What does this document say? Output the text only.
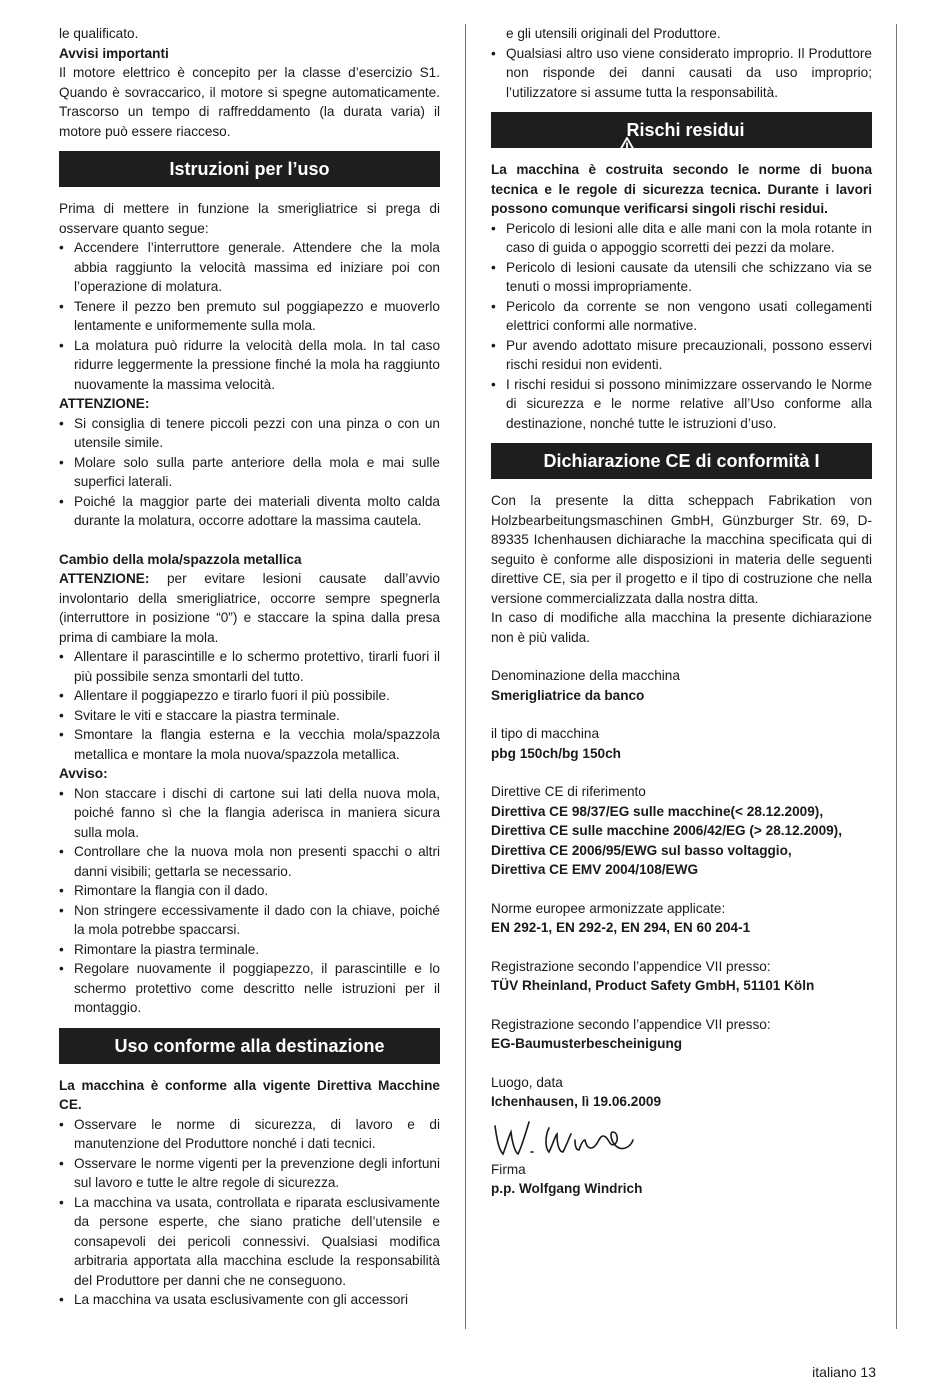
le qualificato.

Avvisi importanti

Il motore elettrico è concepito per la classe d’esercizio S1. Quando è sovraccarico, il motore si spegne automaticamente. Trascorso un tempo di raffreddamento (la durata varia) il motore può essere riacceso.

Istruzioni per l’uso

Prima di mettere in funzione la smerigliatrice si prega di osservare quanto segue:

• Accendere l’interruttore generale. Attendere che la mola abbia raggiunto la velocità massima ed iniziare poi con l’operazione di molatura.
• Tenere il pezzo ben premuto sul poggiapezzo e muoverlo lentamente e uniformemente sulla mola.
• La molatura può ridurre la velocità della mola. In tal caso ridurre leggermente la pressione finché la mola ha raggiunto nuovamente la massima velocità.

ATTENZIONE:

• Si consiglia di tenere piccoli pezzi con una pinza o con un utensile simile.
• Molare solo sulla parte anteriore della mola e mai sulle superfici laterali.
• Poiché la maggior parte dei materiali diventa molto calda durante la molatura, occorre adottare la massima cautela.

Cambio della mola/spazzola metallica

ATTENZIONE: per evitare lesioni causate dall’avvio involontario della smerigliatrice, occorre sempre spegnerla (interruttore in posizione “0”) e staccare la spina dalla presa prima di cambiare la mola.

• Allentare il parascintille e lo schermo protettivo, tirarli fuori il più possibile senza smontarli del tutto.
• Allentare il poggiapezzo e tirarlo fuori il più possibile.
• Svitare le viti e staccare la piastra terminale.
• Smontare la flangia esterna e la vecchia mola/spazzola metallica e montare la mola nuova/spazzola metallica.

Avviso:

• Non staccare i dischi di cartone sui lati della nuova mola, poiché fanno sì che la flangia aderisca in maniera sicura sulla mola.
• Controllare che la nuova mola non presenti spacchi o altri danni visibili; gettarla se necessario.
• Rimontare la flangia con il dado.
• Non stringere eccessivamente il dado con la chiave, poiché la mola potrebbe spaccarsi.
• Rimontare la piastra terminale.
• Regolare nuovamente il poggiapezzo, il parascintille e lo schermo protettivo come descritto nelle istruzioni per il montaggio.
Uso conforme alla destinazione

La macchina è conforme alla vigente Direttiva Macchine CE.

• Osservare le norme di sicurezza, di lavoro e di manutenzione del Produttore nonché i dati tecnici.
• Osservare le norme vigenti per la prevenzione degli infortuni sul lavoro e tutte le altre regole di sicurezza.
• La macchina va usata, controllata e riparata esclusivamente da persone esperte, che siano pratiche dell’utensile e consapevoli dei pericoli connessivi. Qualsiasi modifica arbitraria apportata alla macchina esclude la responsabilità del Produttore per danni che ne conseguono.
• La macchina va usata esclusivamente con gli accessori

e gli utensili originali del Produttore.

• Qualsiasi altro uso viene considerato improprio. Il Produttore non risponde dei danni causati da uso improprio; l’utilizzatore si assume tutta la responsabilità.
Rischi residui

La macchina è costruita secondo le norme di buona tecnica e le regole di sicurezza tecnica. Durante i lavori possono comunque verificarsi singoli rischi residui.

• Pericolo di lesioni alle dita e alle mani con la mola rotante in caso di guida o appoggio scorretti dei pezzi da molare.
• Pericolo di lesioni causate da utensili che schizzano via se tenuti o mossi impropriamente.
• Pericolo da corrente se non vengono usati collegamenti elettrici conformi alle normative.
• Pur avendo adottato misure precauzionali, possono esservi rischi residui non evidenti.
• I rischi residui si possono minimizzare osservando le Norme di sicurezza e le norme relative all’Uso conforme alla destinazione, nonché tutte le istruzioni d’uso.
Dichiarazione CE di conformità I

Con la presente la ditta scheppach Fabrikation von Holzbearbeitungsmaschinen GmbH, Günzburger Str. 69, D-89335 Ichenhausen dichiarache la macchina specificata qui di seguito è conforme alle disposizioni in materia delle seguenti direttive CE, sia per il progetto e il tipo di costruzione che nella versione commercializzata dalla nostra ditta.

In caso di modifiche alla macchina la presente dichiarazione non è più valida.

Denominazione della macchina

Smerigliatrice da banco

il tipo di macchina

pbg 150ch/bg 150ch

Direttive CE di riferimento

Direttiva CE 98/37/EG sulle macchine(< 28.12.2009),

Direttiva CE sulle macchine 2006/42/EG (> 28.12.2009),

Direttiva CE 2006/95/EWG sul basso voltaggio,

Direttiva CE EMV 2004/108/EWG

Norme europee armonizzate applicate:

EN 292-1, EN 292-2, EN 294, EN 60 204-1

Registrazione secondo l’appendice VII presso:

TÜV Rheinland, Product Safety GmbH, 51101 Köln

Registrazione secondo l’appendice VII presso:

EG-Baumusterbescheinigung

Luogo, data

Ichenhausen, lì 19.06.2009

Firma

p.p. Wolfgang Windrich

italiano 13
